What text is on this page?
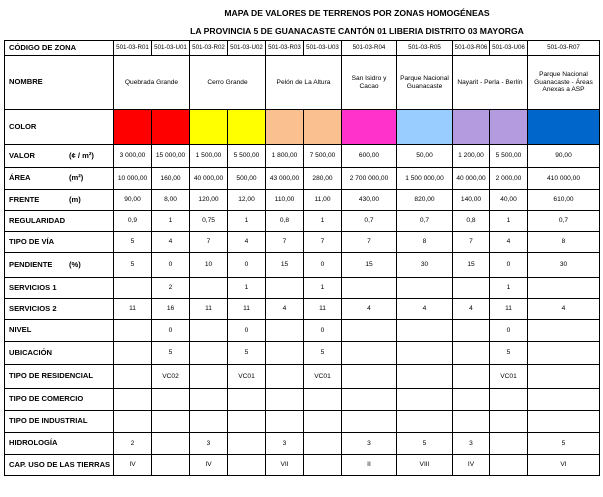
MAPA DE VALORES DE TERRENOS POR ZONAS HOMOGÉNEAS
LA PROVINCIA 5 DE GUANACASTE CANTÓN 01 LIBERIA DISTRITO 03 MAYORGA
CÓDIGO DE ZONA	501-03-R01	501-03-U01	501-03-R02	501-03-U02	501-03-R03	501-03-U03	501-03-R04	501-03-R05	501-03-R06	501-03-U06	501-03-R07
NOMBRE	Quebrada Grande		Cerro Grande		Pelón de La Altura		San Isidro y Cacao	Parque Nacional Guanacaste	Nayarit - Perla - Berlín		Parque Nacional Guanacaste - Áreas Anexas a ASP
COLOR											

VALOR (¢ / m²)	3 000,00	15 000,00	1 500,00	5 500,00	1 800,00	7 500,00	600,00	50,00	1 200,00	5 500,00	90,00

ÁREA (m²)	10 000,00	160,00	40 000,00	500,00	43 000,00	280,00	2 700 000,00	1 500 000,00	40 000,00	2 000,00	410 000,00

FRENTE (m)	90,00	8,00	120,00	12,00	110,00	11,00	430,00	820,00	140,00	40,00	610,00

REGULARIDAD	0,9	1	0,75	1	0,8	1	0,7	0,7	0,8	1	0,7

TIPO DE VÍA	5	4	7	4	7	7	7	8	7	4	8

PENDIENTE (%)	5	0	10	0	15	0	15	30	15	0	30

SERVICIOS 1		2		1		1				1	

SERVICIOS 2	11	16	11	11	4	11	4	4	4	11	4

NIVEL		0		0		0				0	

UBICACIÓN		5		5		5				5	

TIPO DE RESIDENCIAL		VC02		VC01		VC01				VC01	

TIPO DE COMERCIO											

TIPO DE INDUSTRIAL											

HIDROLOGÍA	2		3		3		3	5	3		5

CAP. USO DE LAS TIERRAS	IV		IV		VII		II	VIII	IV		VI
